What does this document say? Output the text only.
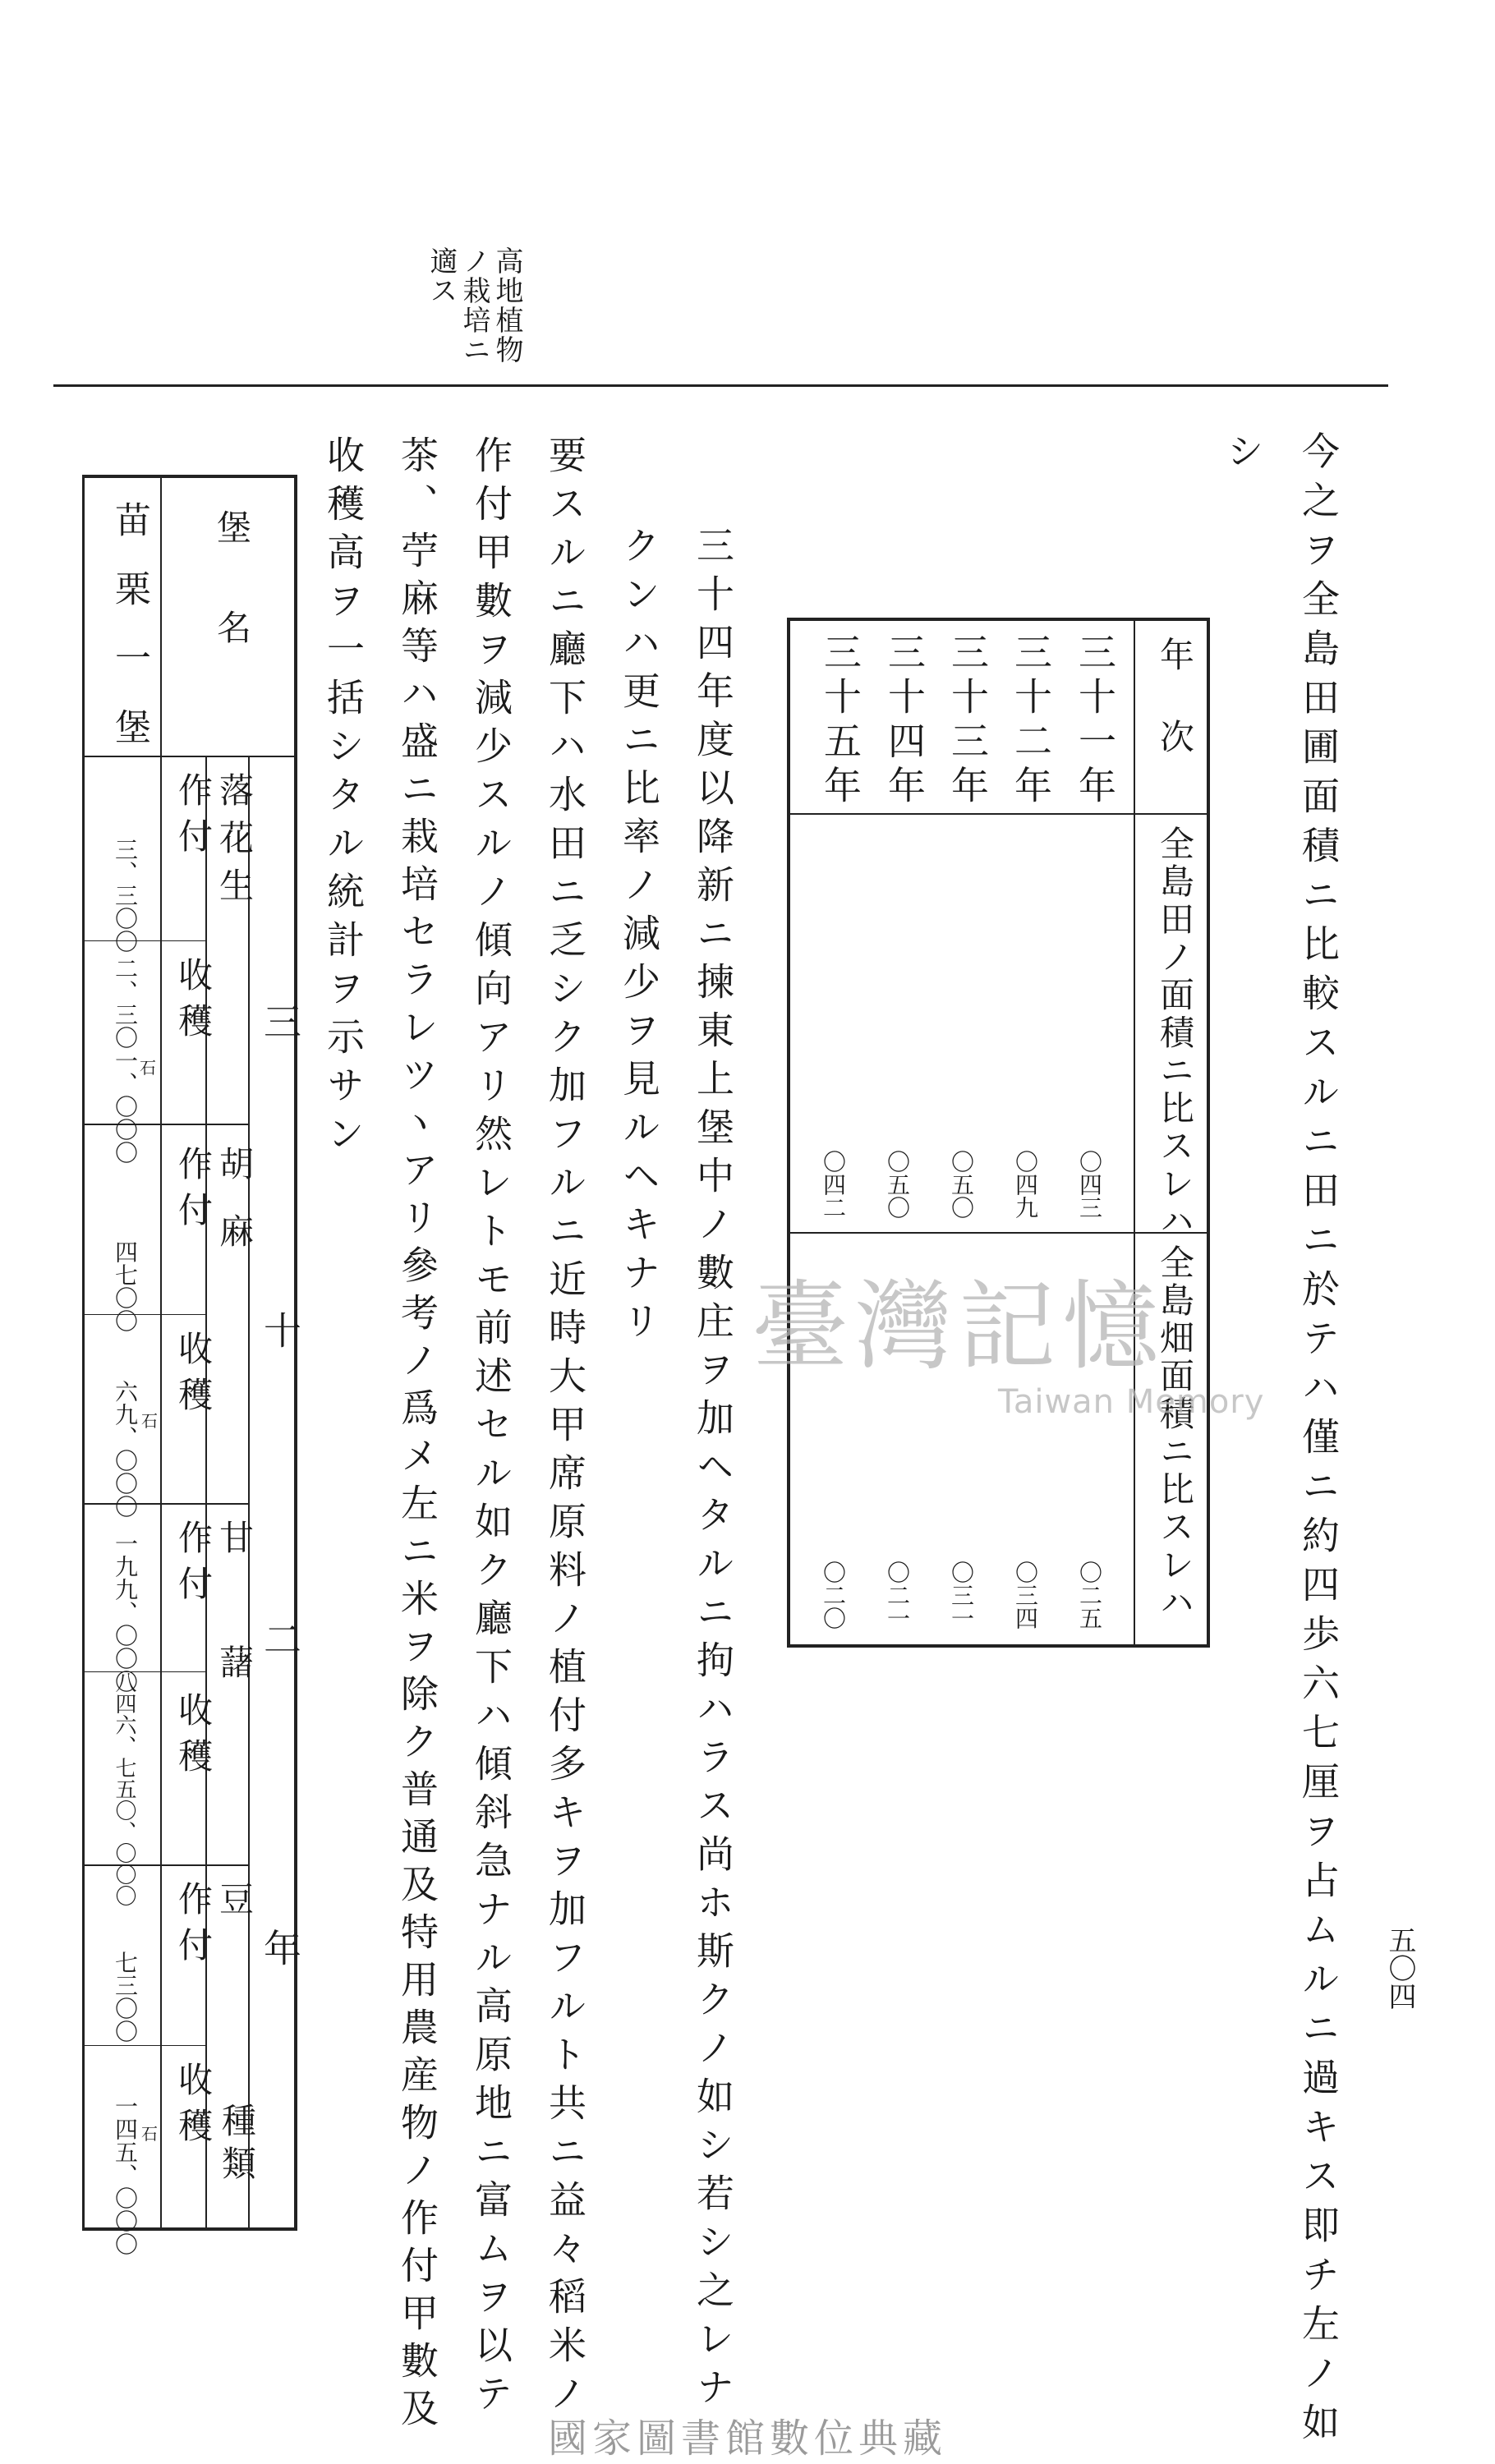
五〇四
高地植物
ノ栽培ニ
適ス
今之ヲ全島田圃面積ニ比較スルニ田ニ於テハ僅ニ約四歩六七厘ヲ占ムルニ過キス即チ左ノ如
シ
年　次
全島田ノ面積ニ比スレハ
全島畑面積ニ比スレハ
三十一年
三十二年
三十三年
三十四年
三十五年
〇四三
〇四九
〇五〇
〇五〇
〇四二
〇二五
〇三四
〇三一
〇二一
〇二〇
三十四年度以降新ニ揀東上堡中ノ數庄ヲ加ヘタルニ拘ハラス尚ホ斯クノ如シ若シ之レナ
クンハ更ニ比率ノ減少ヲ見ルヘキナリ
要スルニ廳下ハ水田ニ乏シク加フルニ近時大甲席原料ノ植付多キヲ加フルト共ニ益々稻米ノ
作付甲數ヲ減少スルノ傾向アリ然レトモ前述セル如ク廳下ハ傾斜急ナル高原地ニ富ムヲ以テ
茶、苧麻等ハ盛ニ栽培セラレツヽアリ參考ノ爲メ左ニ米ヲ除ク普通及特用農産物ノ作付甲數及
收穫高ヲ一括シタル統計ヲ示サン
三十二年
堡名
種類
落花生
胡麻
甘藷
豆
作付
收穫
作付
收穫
作付
收穫
作付
收穫
苗栗一堡
三、三〇〇
二、三〇一、〇〇〇 石
四七〇〇
六九、〇〇〇 石
一九九、〇〇〇
八四六、七五〇、〇〇〇
七三〇〇
一四五、〇〇〇 石
臺灣記憶
Taiwan Memory
國家圖書館數位典藏
